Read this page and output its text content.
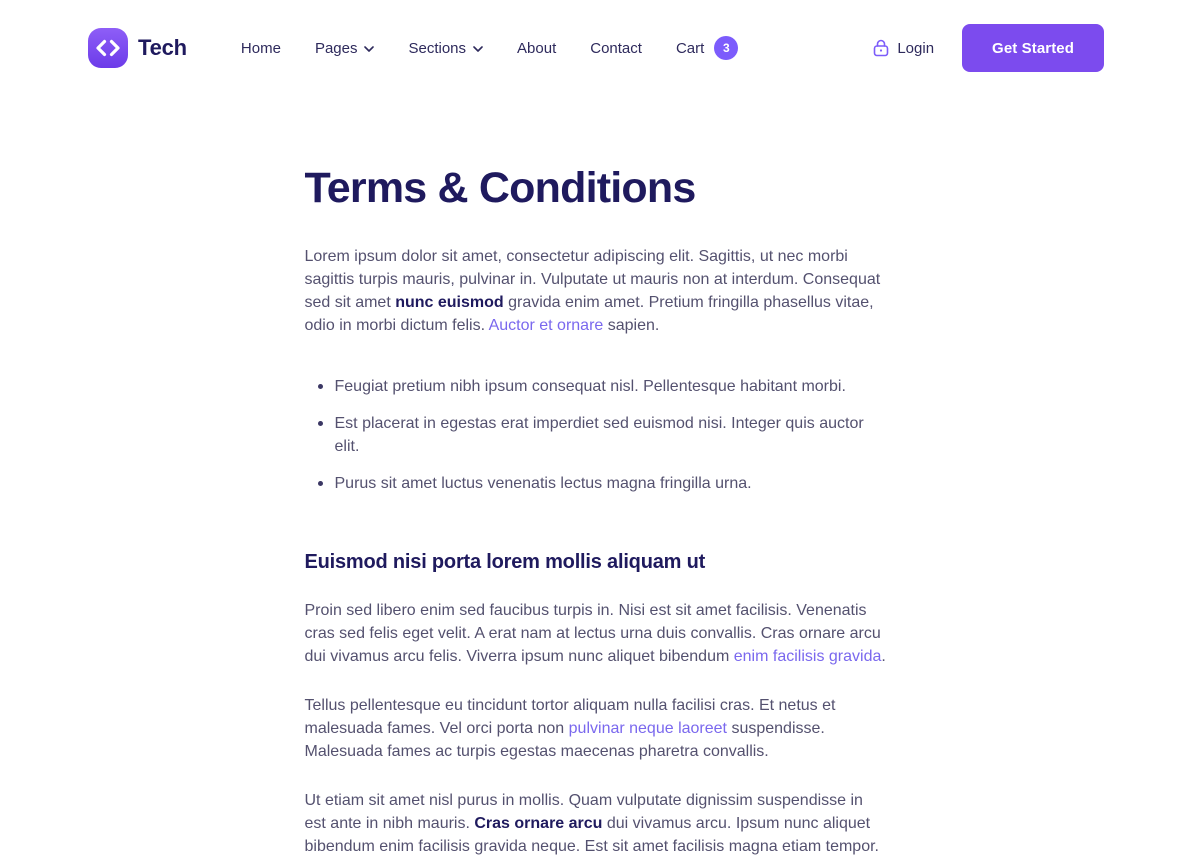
Tech	Home Pages	Sections	About Contact Cart	3	Login	Get Started
Terms & Conditions

Lorem ipsum dolor sit amet, consectetur adipiscing elit. Sagittis, ut nec morbi sagittis turpis mauris, pulvinar in. Vulputate ut mauris non at interdum. Consequat sed sit amet nunc euismod gravida enim amet. Pretium fringilla phasellus vitae, odio in morbi dictum felis. Auctor et ornare sapien.

Feugiat pretium nibh ipsum consequat nisl. Pellentesque habitant morbi.
Est placerat in egestas erat imperdiet sed euismod nisi. Integer quis auctor elit.
Purus sit amet luctus venenatis lectus magna fringilla urna.
Euismod nisi porta lorem mollis aliquam ut

Proin sed libero enim sed faucibus turpis in. Nisi est sit amet facilisis. Venenatis cras sed felis eget velit. A erat nam at lectus urna duis convallis. Cras ornare arcu dui vivamus arcu felis. Viverra ipsum nunc aliquet bibendum enim facilisis gravida.

Tellus pellentesque eu tincidunt tortor aliquam nulla facilisi cras. Et netus et malesuada fames. Vel orci porta non pulvinar neque laoreet suspendisse. Malesuada fames ac turpis egestas maecenas pharetra convallis.

Ut etiam sit amet nisl purus in mollis. Quam vulputate dignissim suspendisse in est ante in nibh mauris. Cras ornare arcu dui vivamus arcu. Ipsum nunc aliquet bibendum enim facilisis gravida neque. Est sit amet facilisis magna etiam tempor.
